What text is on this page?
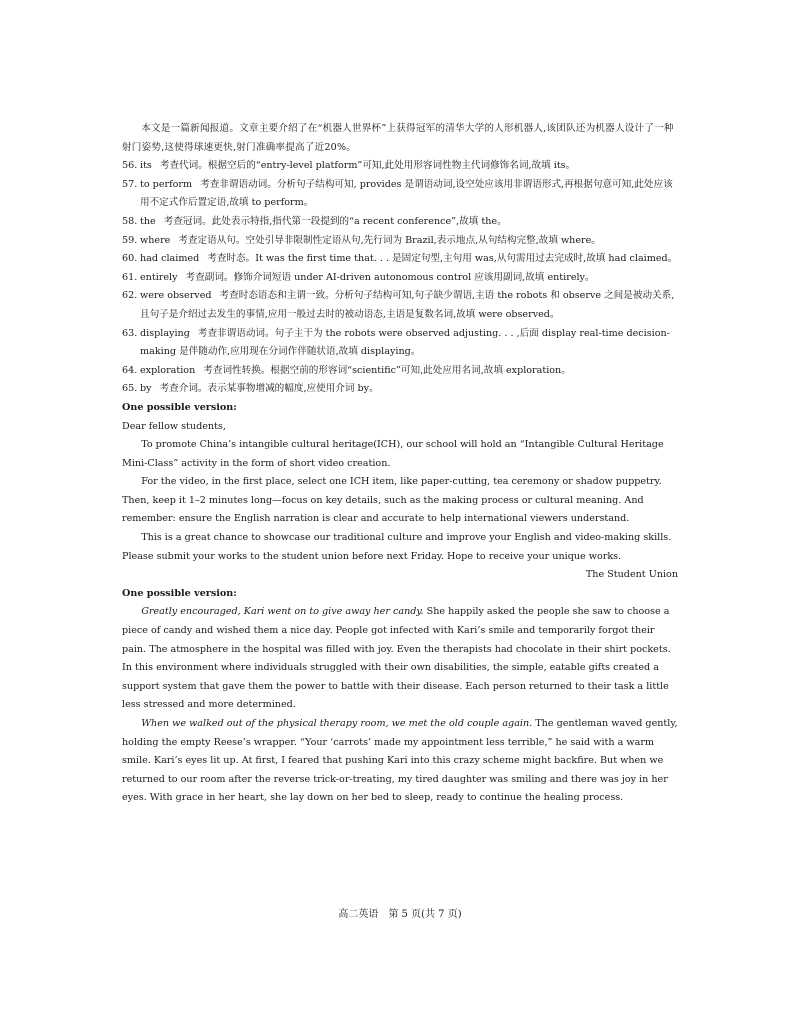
本文是一篇新闻报道。文章主要介绍了在“机器人世界杯”上获得冠军的清华大学的人形机器人,该团队还为机器人设计了一种射门姿势,这使得球速更快,射门准确率提高了近20%。

56. its 考查代词。根据空后的“entry-level platform”可知,此处用形容词性物主代词修饰名词,故填 its。

57. to perform 考查非谓语动词。分析句子结构可知, provides 是谓语动词,设空处应该用非谓语形式,再根据句意可知,此处应该用不定式作后置定语,故填 to perform。

58. the 考查冠词。此处表示特指,指代第一段提到的“a recent conference”,故填 the。

59. where 考查定语从句。空处引导非限制性定语从句,先行词为 Brazil,表示地点,从句结构完整,故填 where。

60. had claimed 考查时态。It was the first time that. . . 是固定句型,主句用 was,从句需用过去完成时,故填 had claimed。

61. entirely 考查副词。修饰介词短语 under AI-driven autonomous control 应该用副词,故填 entirely。

62. were observed 考查时态语态和主谓一致。分析句子结构可知,句子缺少谓语,主语 the robots 和 observe 之间是被动关系,且句子是介绍过去发生的事情,应用一般过去时的被动语态,主语是复数名词,故填 were observed。

63. displaying 考查非谓语动词。句子主干为 the robots were observed adjusting. . . ,后面 display real-time decision-making 是伴随动作,应用现在分词作伴随状语,故填 displaying。

64. exploration 考查词性转换。根据空前的形容词“scientific”可知,此处应用名词,故填 exploration。

65. by 考查介词。表示某事物增减的幅度,应使用介词 by。

One possible version:

Dear fellow students,

To promote China’s intangible cultural heritage(ICH), our school will hold an “Intangible Cultural Heritage Mini-Class” activity in the form of short video creation.

For the video, in the first place, select one ICH item, like paper-cutting, tea ceremony or shadow puppetry. Then, keep it 1–2 minutes long—focus on key details, such as the making process or cultural meaning. And remember: ensure the English narration is clear and accurate to help international viewers understand.

This is a great chance to showcase our traditional culture and improve your English and video-making skills. Please submit your works to the student union before next Friday. Hope to receive your unique works.

The Student Union

One possible version:

Greatly encouraged, Kari went on to give away her candy. She happily asked the people she saw to choose a piece of candy and wished them a nice day. People got infected with Kari’s smile and temporarily forgot their pain. The atmosphere in the hospital was filled with joy. Even the therapists had chocolate in their shirt pockets. In this environment where individuals struggled with their own disabilities, the simple, eatable gifts created a support system that gave them the power to battle with their disease. Each person returned to their task a little less stressed and more determined.

When we walked out of the physical therapy room, we met the old couple again. The gentleman waved gently, holding the empty Reese’s wrapper. “Your ‘carrots’ made my appointment less terrible,” he said with a warm smile. Kari’s eyes lit up. At first, I feared that pushing Kari into this crazy scheme might backfire. But when we returned to our room after the reverse trick-or-treating, my tired daughter was smiling and there was joy in her eyes. With grace in her heart, she lay down on her bed to sleep, ready to continue the healing process.

高二英语　第 5 页(共 7 页)
